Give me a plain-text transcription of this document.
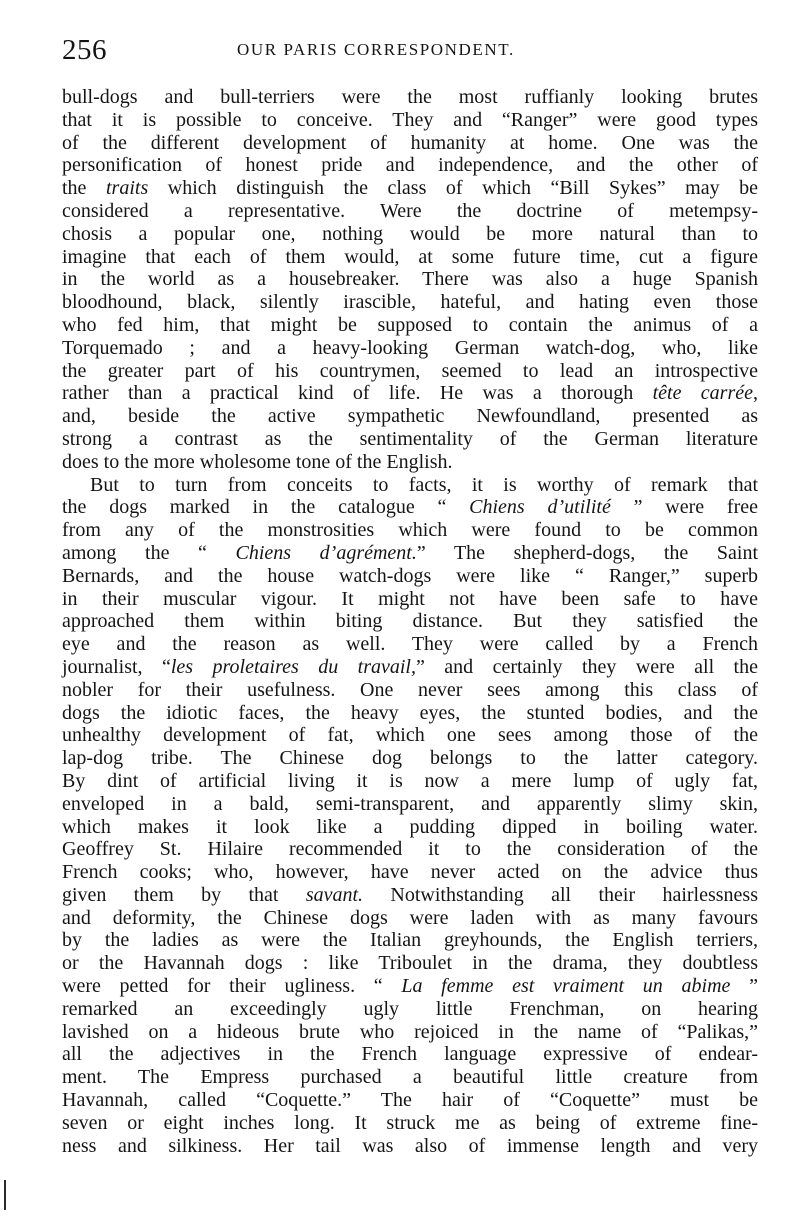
256	OUR PARIS CORRESPONDENT.
bull-dogs and bull-terriers were the most ruffianly looking brutes
that it is possible to conceive. They and “Ranger” were good types
of the different development of humanity at home. One was the
personification of honest pride and independence, and the other of
the traits which distinguish the class of which “Bill Sykes” may be
considered a representative. Were the doctrine of metempsy-
chosis a popular one, nothing would be more natural than to
imagine that each of them would, at some future time, cut a figure
in the world as a housebreaker. There was also a huge Spanish
bloodhound, black, silently irascible, hateful, and hating even those
who fed him, that might be supposed to contain the animus of a
Torquemado ; and a heavy-looking German watch-dog, who, like
the greater part of his countrymen, seemed to lead an introspective
rather than a practical kind of life. He was a thorough tête carrée,
and, beside the active sympathetic Newfoundland, presented as
strong a contrast as the sentimentality of the German literature
does to the more wholesome tone of the English.
But to turn from conceits to facts, it is worthy of remark that
the dogs marked in the catalogue “ Chiens d’utilité ” were free
from any of the monstrosities which were found to be common
among the “ Chiens d’agrément.” The shepherd-dogs, the Saint
Bernards, and the house watch-dogs were like “ Ranger,” superb
in their muscular vigour. It might not have been safe to have
approached them within biting distance. But they satisfied the
eye and the reason as well. They were called by a French
journalist, “les proletaires du travail,” and certainly they were all the
nobler for their usefulness. One never sees among this class of
dogs the idiotic faces, the heavy eyes, the stunted bodies, and the
unhealthy development of fat, which one sees among those of the
lap-dog tribe. The Chinese dog belongs to the latter category.
By dint of artificial living it is now a mere lump of ugly fat,
enveloped in a bald, semi-transparent, and apparently slimy skin,
which makes it look like a pudding dipped in boiling water.
Geoffrey St. Hilaire recommended it to the consideration of the
French cooks; who, however, have never acted on the advice thus
given them by that savant. Notwithstanding all their hairlessness
and deformity, the Chinese dogs were laden with as many favours
by the ladies as were the Italian greyhounds, the English terriers,
or the Havannah dogs : like Triboulet in the drama, they doubtless
were petted for their ugliness. “ La femme est vraiment un abime ”
remarked an exceedingly ugly little Frenchman, on hearing
lavished on a hideous brute who rejoiced in the name of “Palikas,”
all the adjectives in the French language expressive of endear-
ment. The Empress purchased a beautiful little creature from
Havannah, called “Coquette.” The hair of “Coquette” must be
seven or eight inches long. It struck me as being of extreme fine-
ness and silkiness. Her tail was also of immense length and very
